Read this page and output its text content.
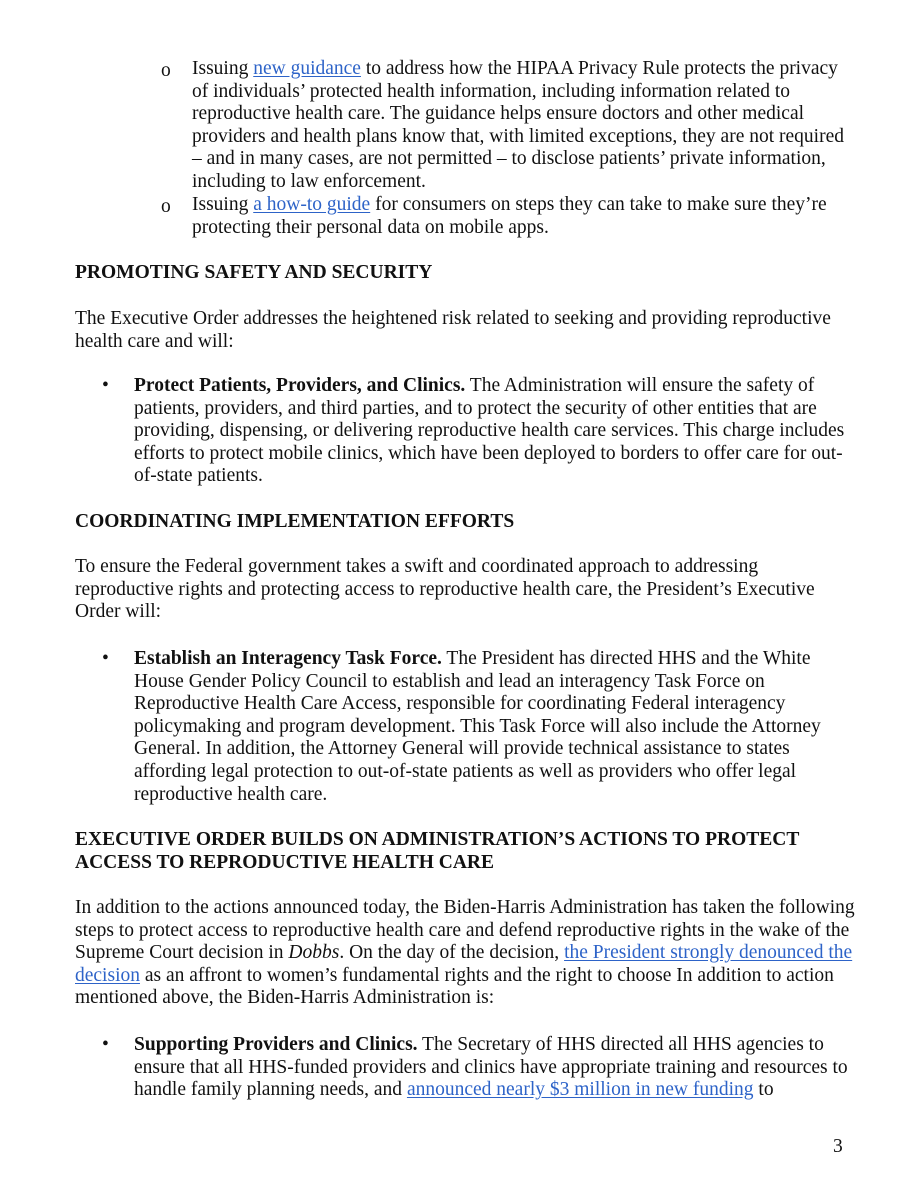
o Issuing new guidance to address how the HIPAA Privacy Rule protects the privacy of individuals’ protected health information, including information related to reproductive health care. The guidance helps ensure doctors and other medical providers and health plans know that, with limited exceptions, they are not required – and in many cases, are not permitted – to disclose patients’ private information, including to law enforcement.
o Issuing a how-to guide for consumers on steps they can take to make sure they’re protecting their personal data on mobile apps.
PROMOTING SAFETY AND SECURITY
The Executive Order addresses the heightened risk related to seeking and providing reproductive health care and will:
• Protect Patients, Providers, and Clinics. The Administration will ensure the safety of patients, providers, and third parties, and to protect the security of other entities that are providing, dispensing, or delivering reproductive health care services. This charge includes efforts to protect mobile clinics, which have been deployed to borders to offer care for out-of-state patients.
COORDINATING IMPLEMENTATION EFFORTS
To ensure the Federal government takes a swift and coordinated approach to addressing reproductive rights and protecting access to reproductive health care, the President’s Executive Order will:
• Establish an Interagency Task Force. The President has directed HHS and the White House Gender Policy Council to establish and lead an interagency Task Force on Reproductive Health Care Access, responsible for coordinating Federal interagency policymaking and program development. This Task Force will also include the Attorney General. In addition, the Attorney General will provide technical assistance to states affording legal protection to out-of-state patients as well as providers who offer legal reproductive health care.
EXECUTIVE ORDER BUILDS ON ADMINISTRATION’S ACTIONS TO PROTECT ACCESS TO REPRODUCTIVE HEALTH CARE
In addition to the actions announced today, the Biden-Harris Administration has taken the following steps to protect access to reproductive health care and defend reproductive rights in the wake of the Supreme Court decision in Dobbs. On the day of the decision, the President strongly denounced the decision as an affront to women’s fundamental rights and the right to choose In addition to action mentioned above, the Biden-Harris Administration is:
• Supporting Providers and Clinics. The Secretary of HHS directed all HHS agencies to ensure that all HHS-funded providers and clinics have appropriate training and resources to handle family planning needs, and announced nearly $3 million in new funding to
3
